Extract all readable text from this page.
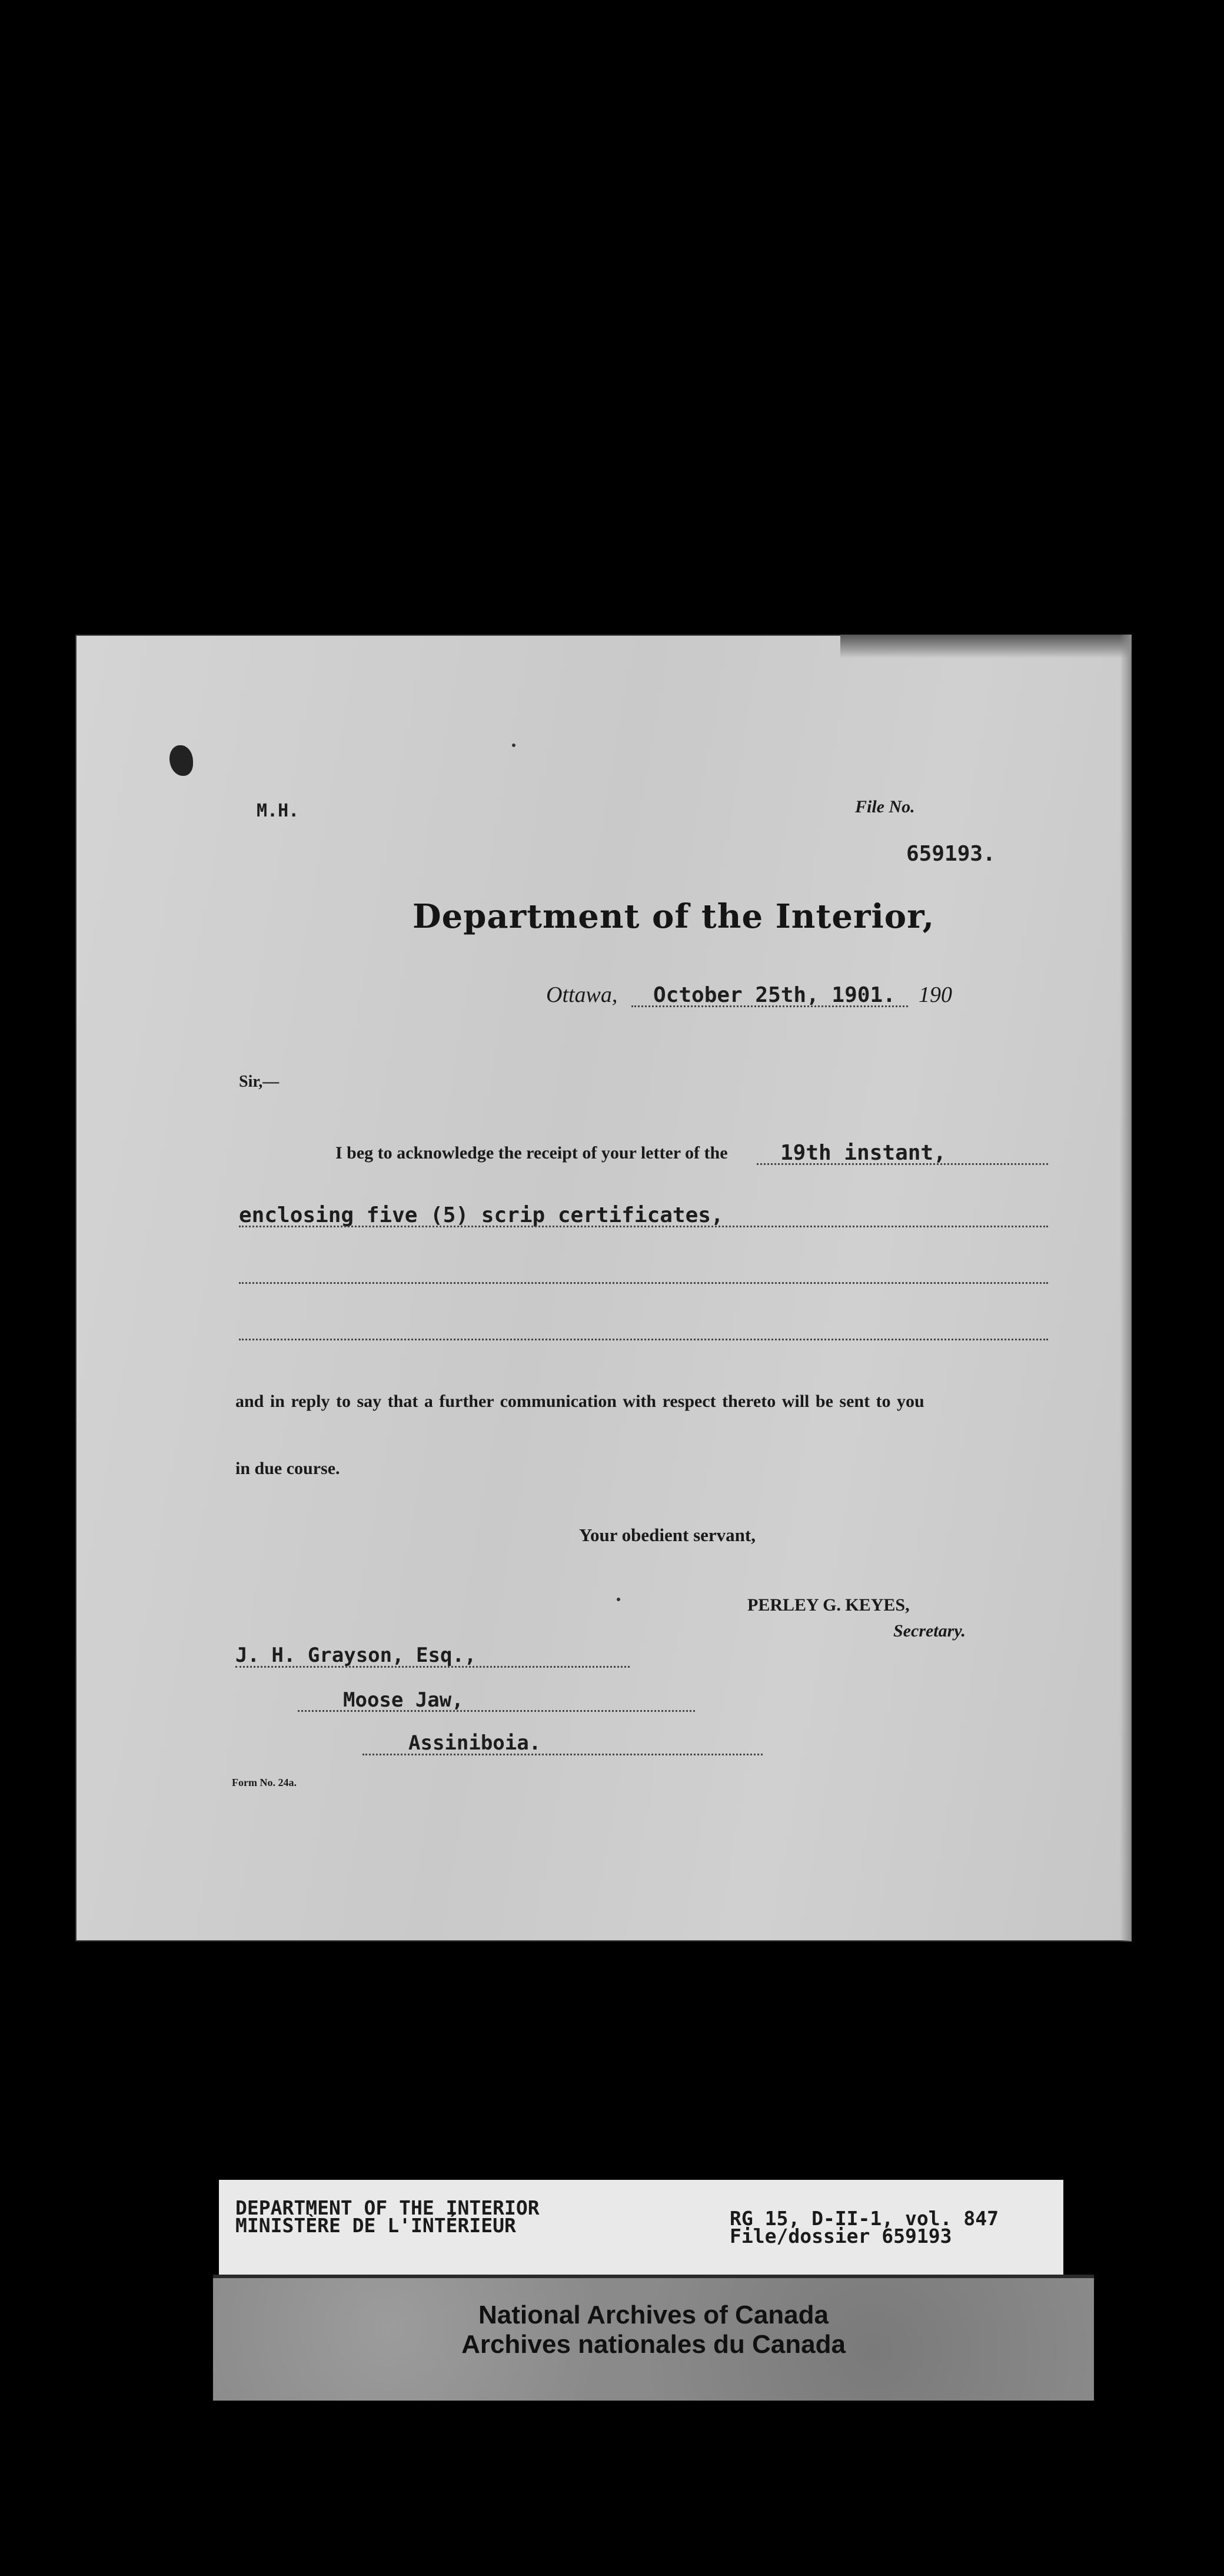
M.H.	File No.
659193.
Department of the Interior,
Ottawa, October 25th, 1901. 190
Sir,—
I beg to acknowledge the receipt of your letter of the 19th instant,
enclosing five (5) scrip certificates,
and in reply to say that a further communication with respect thereto will be sent to you
in due course.
Your obedient servant,
PERLEY G. KEYES,
Secretary.
J. H. Grayson, Esq.,
Moose Jaw,
Assiniboia.
Form No. 24a.
DEPARTMENT OF THE INTERIOR
MINISTÈRE DE L'INTÉRIEUR	RG 15, D-II-1, vol. 847
File/dossier 659193
National Archives of Canada
Archives nationales du Canada
